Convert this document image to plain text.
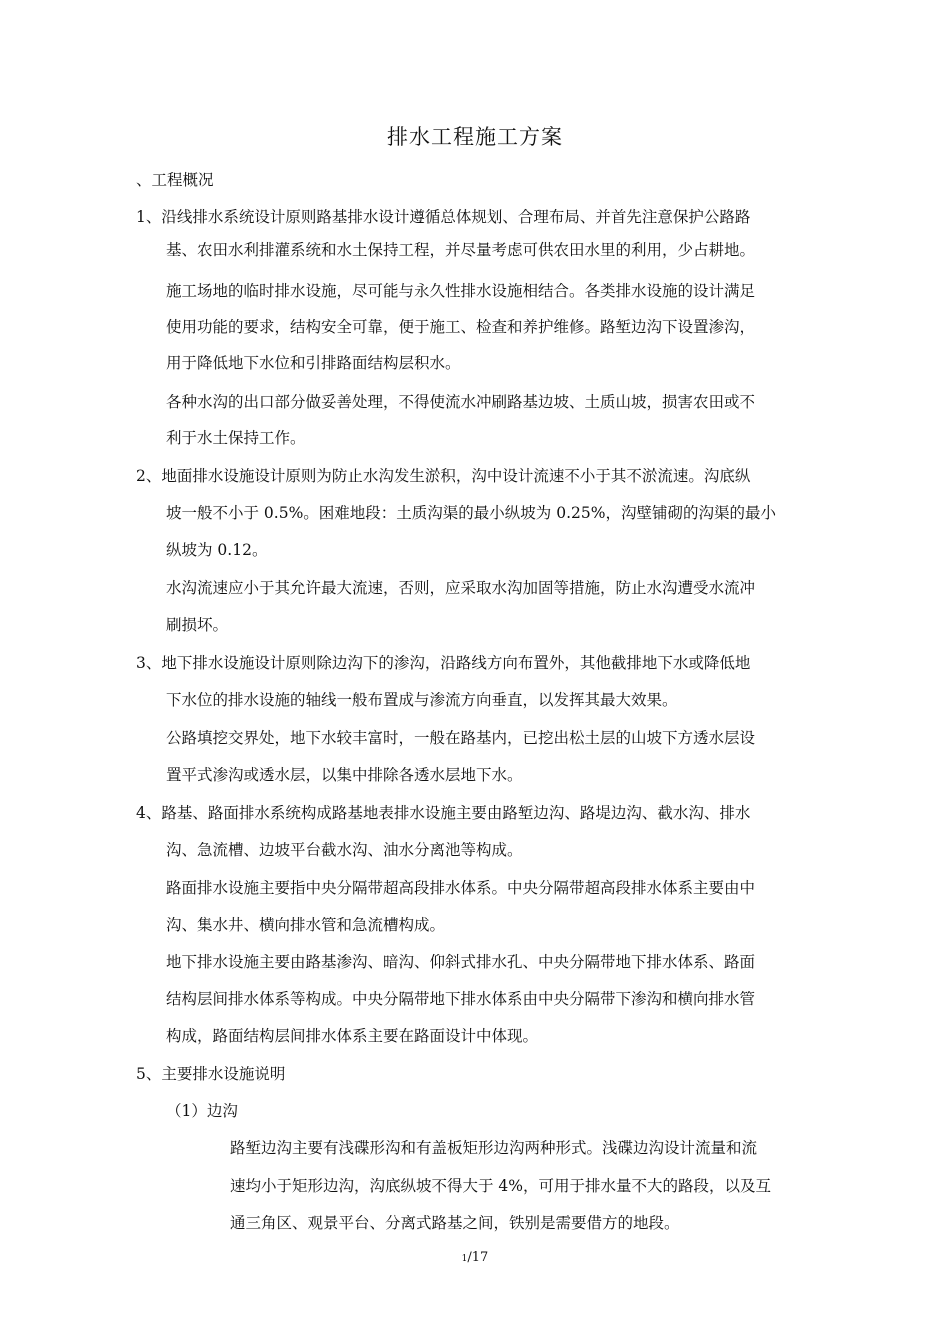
排水工程施工方案
、工程概况
1、沿线排水系统设计原则路基排水设计遵循总体规划、合理布局、并首先注意保护公路路
基、农田水利排灌系统和水土保持工程，并尽量考虑可供农田水里的利用，少占耕地。
施工场地的临时排水设施，尽可能与永久性排水设施相结合。各类排水设施的设计满足
使用功能的要求，结构安全可靠，便于施工、检查和养护维修。路堑边沟下设置渗沟，
用于降低地下水位和引排路面结构层积水。
各种水沟的出口部分做妥善处理，不得使流水冲刷路基边坡、土质山坡，损害农田或不
利于水土保持工作。
2、地面排水设施设计原则为防止水沟发生淤积，沟中设计流速不小于其不淤流速。沟底纵
坡一般不小于 0.5%。困难地段：土质沟渠的最小纵坡为 0.25%，沟壁铺砌的沟渠的最小
纵坡为 0.12。
水沟流速应小于其允许最大流速，否则，应采取水沟加固等措施，防止水沟遭受水流冲
刷损坏。
3、地下排水设施设计原则除边沟下的渗沟，沿路线方向布置外，其他截排地下水或降低地
下水位的排水设施的轴线一般布置成与渗流方向垂直，以发挥其最大效果。
公路填挖交界处，地下水较丰富时，一般在路基内，已挖出松土层的山坡下方透水层设
置平式渗沟或透水层，以集中排除各透水层地下水。
4、路基、路面排水系统构成路基地表排水设施主要由路堑边沟、路堤边沟、截水沟、排水
沟、急流槽、边坡平台截水沟、油水分离池等构成。
路面排水设施主要指中央分隔带超高段排水体系。中央分隔带超高段排水体系主要由中
沟、集水井、横向排水管和急流槽构成。
地下排水设施主要由路基渗沟、暗沟、仰斜式排水孔、中央分隔带地下排水体系、路面
结构层间排水体系等构成。中央分隔带地下排水体系由中央分隔带下渗沟和横向排水管
构成，路面结构层间排水体系主要在路面设计中体现。
5、主要排水设施说明
（1）边沟
路堑边沟主要有浅碟形沟和有盖板矩形边沟两种形式。浅碟边沟设计流量和流
速均小于矩形边沟，沟底纵坡不得大于 4%，可用于排水量不大的路段，以及互
通三角区、观景平台、分离式路基之间，铁别是需要借方的地段。
1/17
